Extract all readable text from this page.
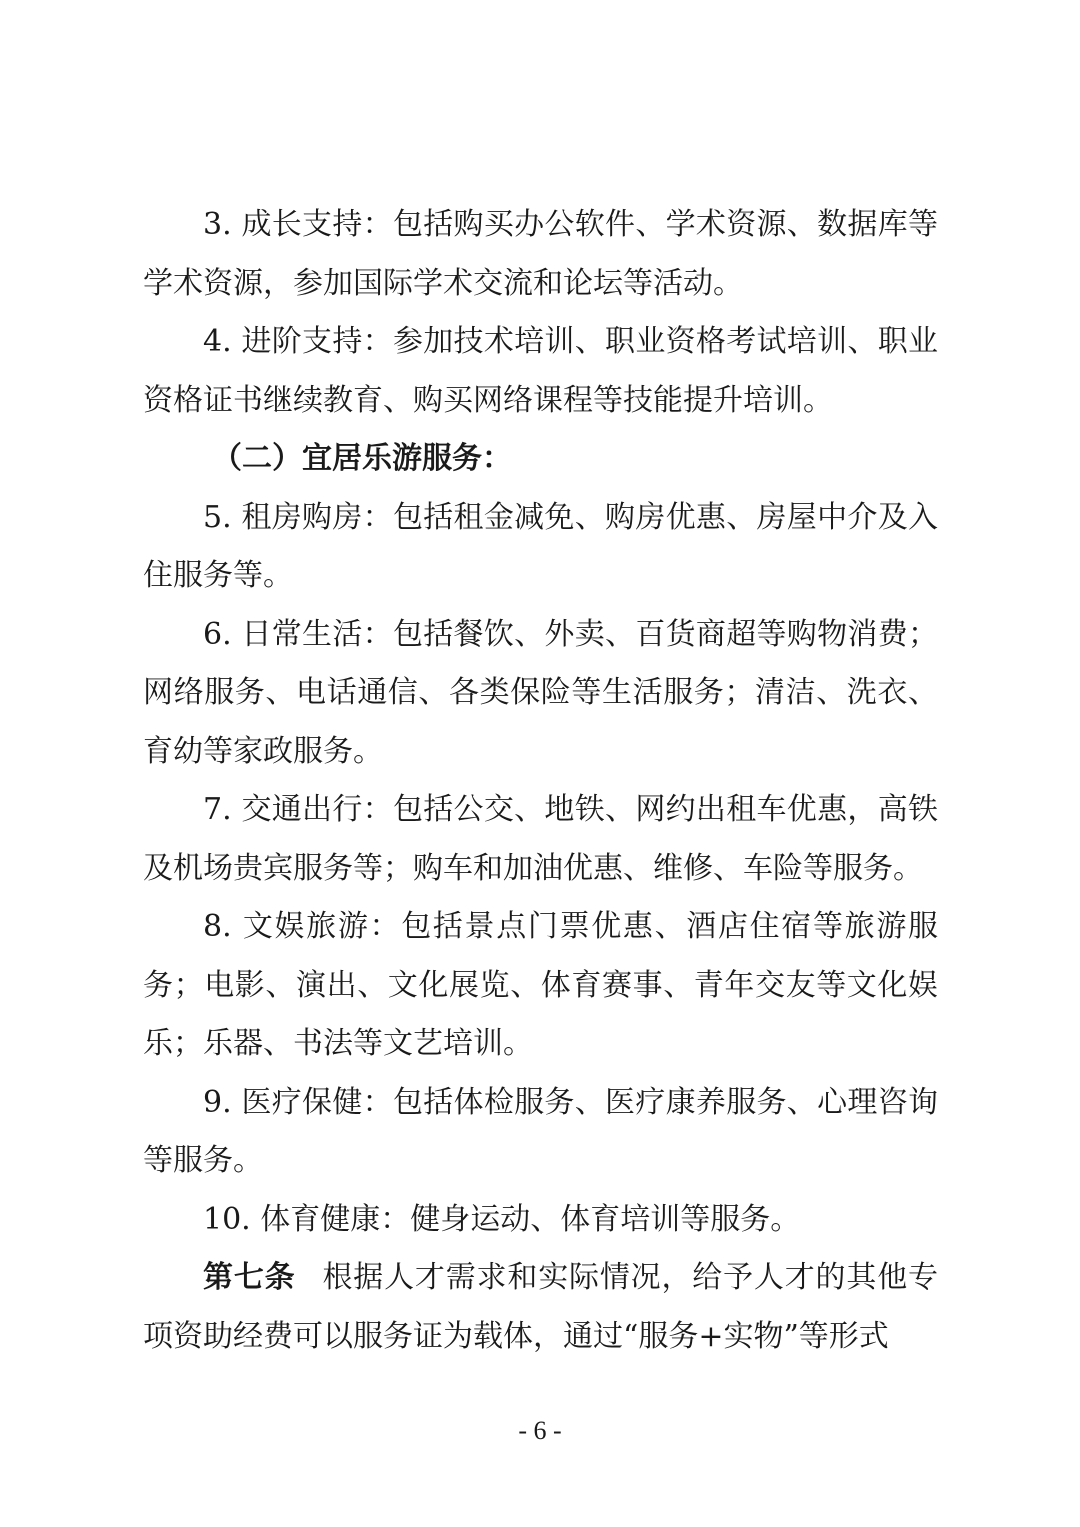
3. 成长支持：包括购买办公软件、学术资源、数据库等学术资源，参加国际学术交流和论坛等活动。

4. 进阶支持：参加技术培训、职业资格考试培训、职业资格证书继续教育、购买网络课程等技能提升培训。

（二）宜居乐游服务：

5. 租房购房：包括租金减免、购房优惠、房屋中介及入住服务等。

6. 日常生活：包括餐饮、外卖、百货商超等购物消费；网络服务、电话通信、各类保险等生活服务；清洁、洗衣、育幼等家政服务。

7. 交通出行：包括公交、地铁、网约出租车优惠，高铁及机场贵宾服务等；购车和加油优惠、维修、车险等服务。

8. 文娱旅游：包括景点门票优惠、酒店住宿等旅游服务；电影、演出、文化展览、体育赛事、青年交友等文化娱乐；乐器、书法等文艺培训。

9. 医疗保健：包括体检服务、医疗康养服务、心理咨询等服务。

10. 体育健康：健身运动、体育培训等服务。

第七条 根据人才需求和实际情况，给予人才的其他专项资助经费可以服务证为载体，通过“服务+实物”等形式

- 6 -
